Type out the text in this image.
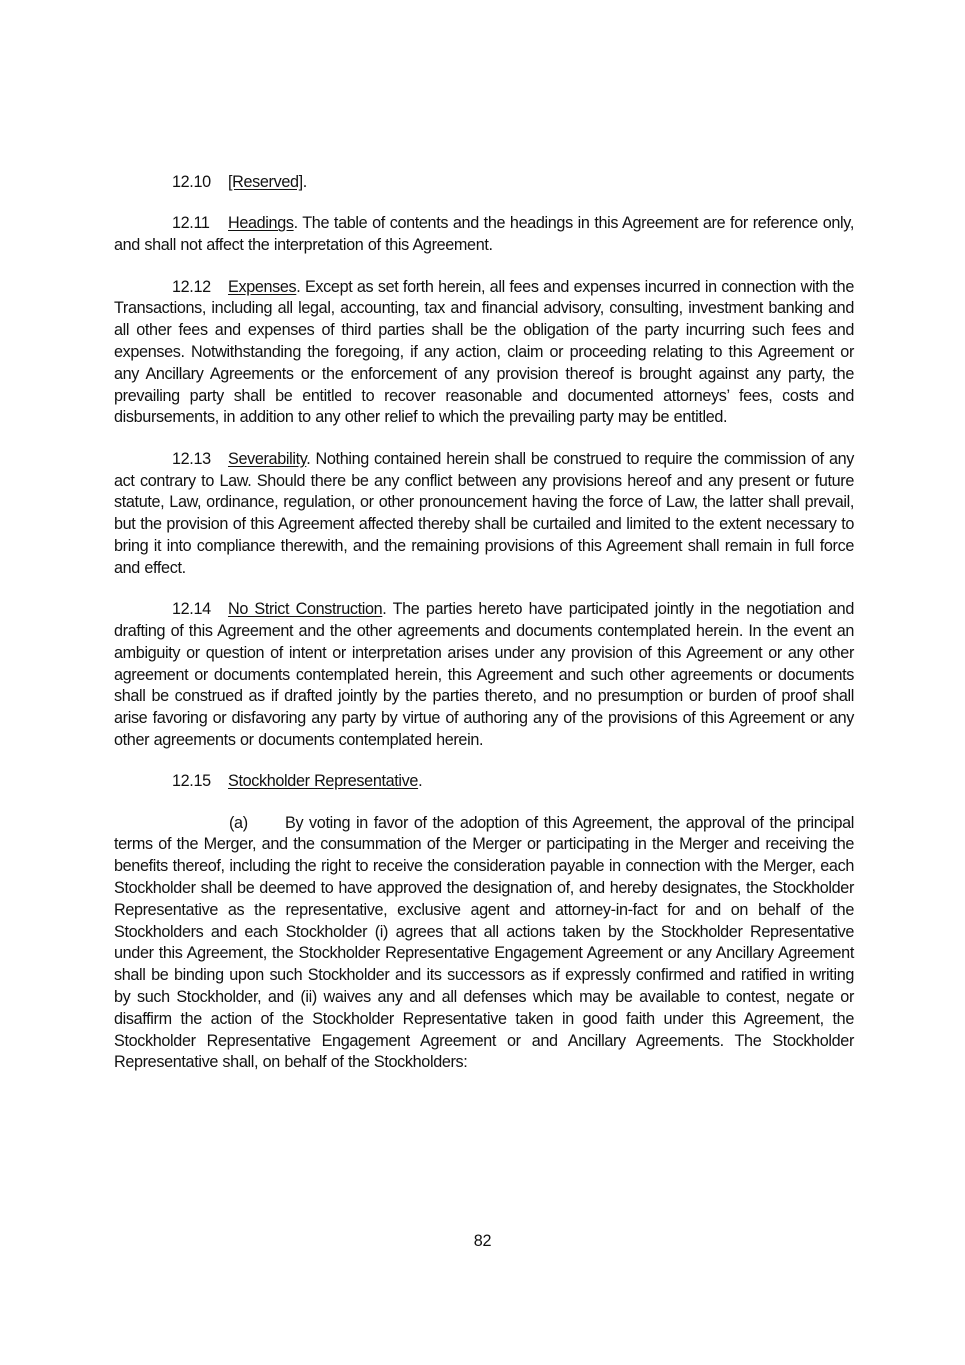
12.10 [Reserved].

12.11 Headings. The table of contents and the headings in this Agreement are for reference only, and shall not affect the interpretation of this Agreement.

12.12 Expenses. Except as set forth herein, all fees and expenses incurred in connection with the Transactions, including all legal, accounting, tax and financial advisory, consulting, investment banking and all other fees and expenses of third parties shall be the obligation of the party incurring such fees and expenses. Notwithstanding the foregoing, if any action, claim or proceeding relating to this Agreement or any Ancillary Agreements or the enforcement of any provision thereof is brought against any party, the prevailing party shall be entitled to recover reasonable and documented attorneys’ fees, costs and disbursements, in addition to any other relief to which the prevailing party may be entitled.

12.13 Severability. Nothing contained herein shall be construed to require the commission of any act contrary to Law. Should there be any conflict between any provisions hereof and any present or future statute, Law, ordinance, regulation, or other pronouncement having the force of Law, the latter shall prevail, but the provision of this Agreement affected thereby shall be curtailed and limited to the extent necessary to bring it into compliance therewith, and the remaining provisions of this Agreement shall remain in full force and effect.

12.14 No Strict Construction. The parties hereto have participated jointly in the negotiation and drafting of this Agreement and the other agreements and documents contemplated herein. In the event an ambiguity or question of intent or interpretation arises under any provision of this Agreement or any other agreement or documents contemplated herein, this Agreement and such other agreements or documents shall be construed as if drafted jointly by the parties thereto, and no presumption or burden of proof shall arise favoring or disfavoring any party by virtue of authoring any of the provisions of this Agreement or any other agreements or documents contemplated herein.

12.15 Stockholder Representative.

(a) By voting in favor of the adoption of this Agreement, the approval of the principal terms of the Merger, and the consummation of the Merger or participating in the Merger and receiving the benefits thereof, including the right to receive the consideration payable in connection with the Merger, each Stockholder shall be deemed to have approved the designation of, and hereby designates, the Stockholder Representative as the representative, exclusive agent and attorney-in-fact for and on behalf of the Stockholders and each Stockholder (i) agrees that all actions taken by the Stockholder Representative under this Agreement, the Stockholder Representative Engagement Agreement or any Ancillary Agreement shall be binding upon such Stockholder and its successors as if expressly confirmed and ratified in writing by such Stockholder, and (ii) waives any and all defenses which may be available to contest, negate or disaffirm the action of the Stockholder Representative taken in good faith under this Agreement, the Stockholder Representative Engagement Agreement or and Ancillary Agreements. The Stockholder Representative shall, on behalf of the Stockholders:

82
